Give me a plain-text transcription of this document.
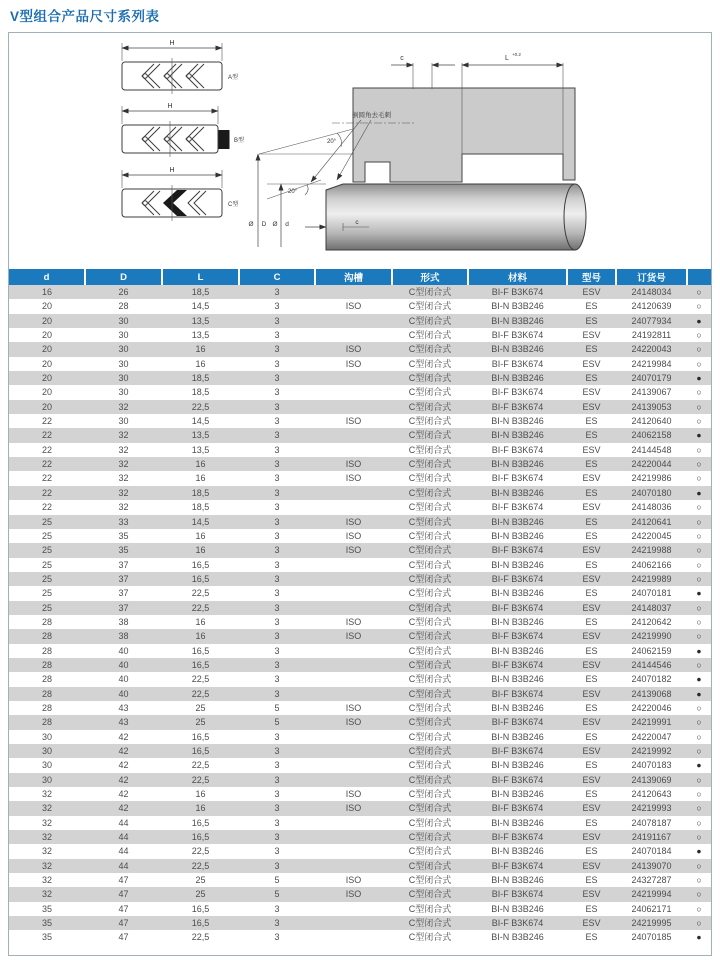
V型组合产品尺寸系列表
H
A型
H
B型
H
C型
c	L
+0.2
倒圆角去毛刺
20°
20°
Ø D Ø d	c
d	D	L	C	沟槽	形式	材料	型号	订货号	
16	26	18,5	3		C型闭合式	BI-F B3K674	ESV	24148034	○
20	28	14,5	3	ISO	C型闭合式	BI-N B3B246	ES	24120639	○
20	30	13,5	3		C型闭合式	BI-N B3B246	ES	24077934	●
20	30	13,5	3		C型闭合式	BI-F B3K674	ESV	24192811	○
20	30	16	3	ISO	C型闭合式	BI-N B3B246	ES	24220043	○
20	30	16	3	ISO	C型闭合式	BI-F B3K674	ESV	24219984	○
20	30	18,5	3		C型闭合式	BI-N B3B246	ES	24070179	●
20	30	18,5	3		C型闭合式	BI-F B3K674	ESV	24139067	○
20	32	22,5	3		C型闭合式	BI-F B3K674	ESV	24139053	○
22	30	14,5	3	ISO	C型闭合式	BI-N B3B246	ES	24120640	○
22	32	13,5	3		C型闭合式	BI-N B3B246	ES	24062158	●
22	32	13,5	3		C型闭合式	BI-F B3K674	ESV	24144548	○
22	32	16	3	ISO	C型闭合式	BI-N B3B246	ES	24220044	○
22	32	16	3	ISO	C型闭合式	BI-F B3K674	ESV	24219986	○
22	32	18,5	3		C型闭合式	BI-N B3B246	ES	24070180	●
22	32	18,5	3		C型闭合式	BI-F B3K674	ESV	24148036	○
25	33	14,5	3	ISO	C型闭合式	BI-N B3B246	ES	24120641	○
25	35	16	3	ISO	C型闭合式	BI-N B3B246	ES	24220045	○
25	35	16	3	ISO	C型闭合式	BI-F B3K674	ESV	24219988	○
25	37	16,5	3		C型闭合式	BI-N B3B246	ES	24062166	○
25	37	16,5	3		C型闭合式	BI-F B3K674	ESV	24219989	○
25	37	22,5	3		C型闭合式	BI-N B3B246	ES	24070181	●
25	37	22,5	3		C型闭合式	BI-F B3K674	ESV	24148037	○
28	38	16	3	ISO	C型闭合式	BI-N B3B246	ES	24120642	○
28	38	16	3	ISO	C型闭合式	BI-F B3K674	ESV	24219990	○
28	40	16,5	3		C型闭合式	BI-N B3B246	ES	24062159	●
28	40	16,5	3		C型闭合式	BI-F B3K674	ESV	24144546	○
28	40	22,5	3		C型闭合式	BI-N B3B246	ES	24070182	●
28	40	22,5	3		C型闭合式	BI-F B3K674	ESV	24139068	●
28	43	25	5	ISO	C型闭合式	BI-N B3B246	ES	24220046	○
28	43	25	5	ISO	C型闭合式	BI-F B3K674	ESV	24219991	○
30	42	16,5	3		C型闭合式	BI-N B3B246	ES	24220047	○
30	42	16,5	3		C型闭合式	BI-F B3K674	ESV	24219992	○
30	42	22,5	3		C型闭合式	BI-N B3B246	ES	24070183	●
30	42	22,5	3		C型闭合式	BI-F B3K674	ESV	24139069	○
32	42	16	3	ISO	C型闭合式	BI-N B3B246	ES	24120643	○
32	42	16	3	ISO	C型闭合式	BI-F B3K674	ESV	24219993	○
32	44	16,5	3		C型闭合式	BI-N B3B246	ES	24078187	○
32	44	16,5	3		C型闭合式	BI-F B3K674	ESV	24191167	○
32	44	22,5	3		C型闭合式	BI-N B3B246	ES	24070184	●
32	44	22,5	3		C型闭合式	BI-F B3K674	ESV	24139070	○
32	47	25	5	ISO	C型闭合式	BI-N B3B246	ES	24327287	○
32	47	25	5	ISO	C型闭合式	BI-F B3K674	ESV	24219994	○
35	47	16,5	3		C型闭合式	BI-N B3B246	ES	24062171	○
35	47	16,5	3		C型闭合式	BI-F B3K674	ESV	24219995	○
35	47	22,5	3		C型闭合式	BI-N B3B246	ES	24070185	●
